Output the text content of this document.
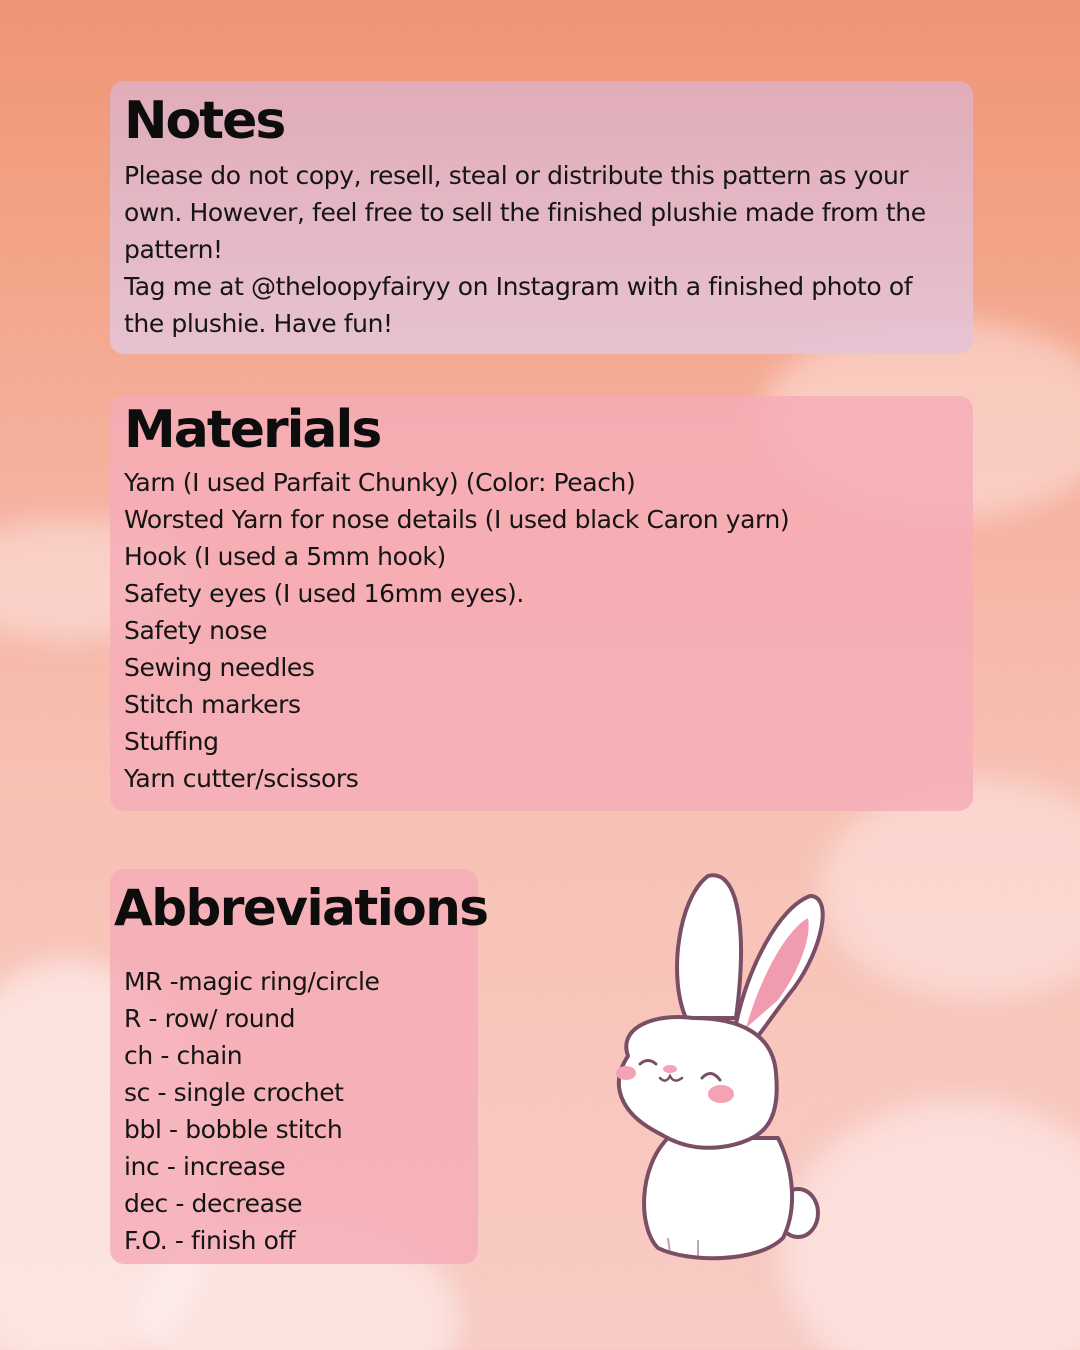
Notes

Please do not copy, resell, steal or distribute this pattern as your own. However, feel free to sell the finished plushie made from the pattern!

Tag me at @theloopyfairyy on Instagram with a finished photo of the plushie. Have fun!

Materials
Yarn (I used Parfait Chunky) (Color: Peach)
Worsted Yarn for nose details (I used black Caron yarn)
Hook (I used a 5mm hook)
Safety eyes (I used 16mm eyes).
Safety nose
Sewing needles
Stitch markers
Stuffing
Yarn cutter/scissors
Abbreviations
MR -magic ring/circle
R - row/ round
ch - chain
sc - single crochet
bbl - bobble stitch
inc - increase
dec - decrease
F.O. - finish off
